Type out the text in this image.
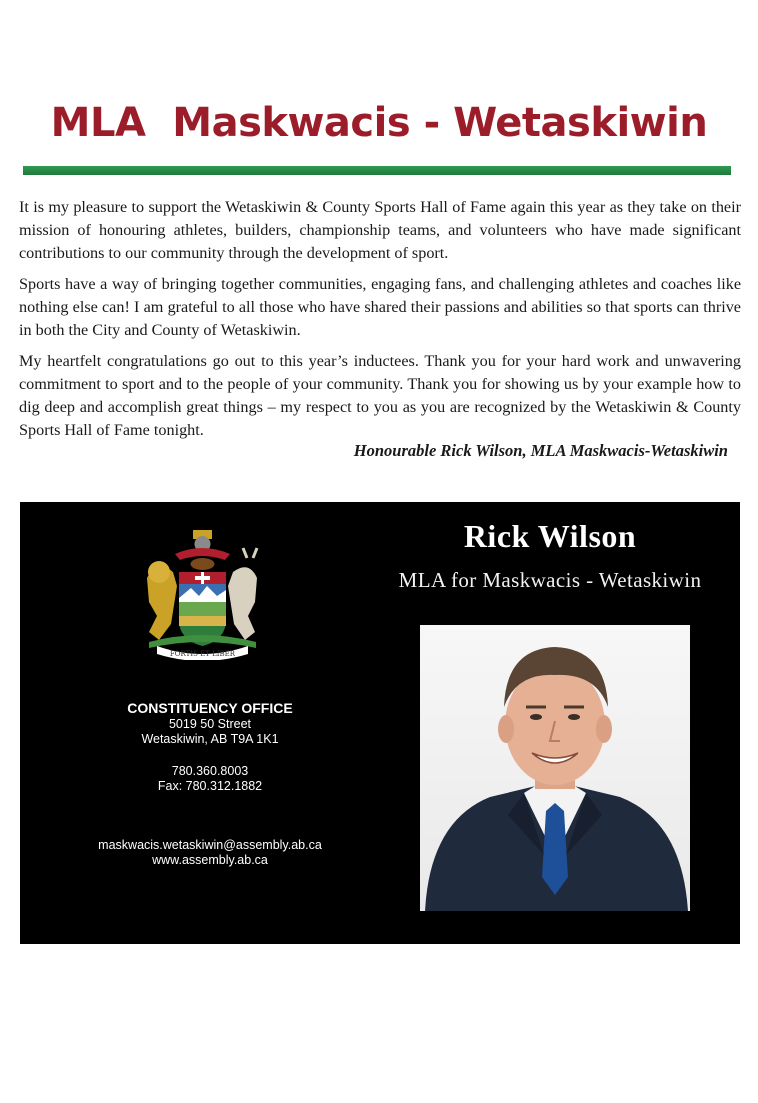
MLA  Maskwacis - Wetaskiwin

It is my pleasure to support the Wetaskiwin & County Sports Hall of Fame again this year as they take on their mission of honouring athletes, builders, championship teams, and volunteers who have made significant contributions to our community through the development of sport.

Sports have a way of bringing together communities, engaging fans, and challenging athletes and coaches like nothing else can! I am grateful to all those who have shared their passions and abilities so that sports can thrive in both the City and County of Wetaskiwin.

My heartfelt congratulations go out to this year’s inductees. Thank you for your hard work and unwavering commitment to sport and to the people of your community. Thank you for showing us by your example how to dig deep and accomplish great things – my respect to you as you are recognized by the Wetaskiwin & County Sports Hall of Fame tonight.

Honourable Rick Wilson, MLA Maskwacis-Wetaskiwin
FORTIS ET LIBER
CONSTITUENCY OFFICE
5019 50 Street
Wetaskiwin, AB T9A 1K1
780.360.8003
Fax: 780.312.1882
maskwacis.wetaskiwin@assembly.ab.ca
www.assembly.ab.ca
Rick Wilson
MLA for Maskwacis - Wetaskiwin
